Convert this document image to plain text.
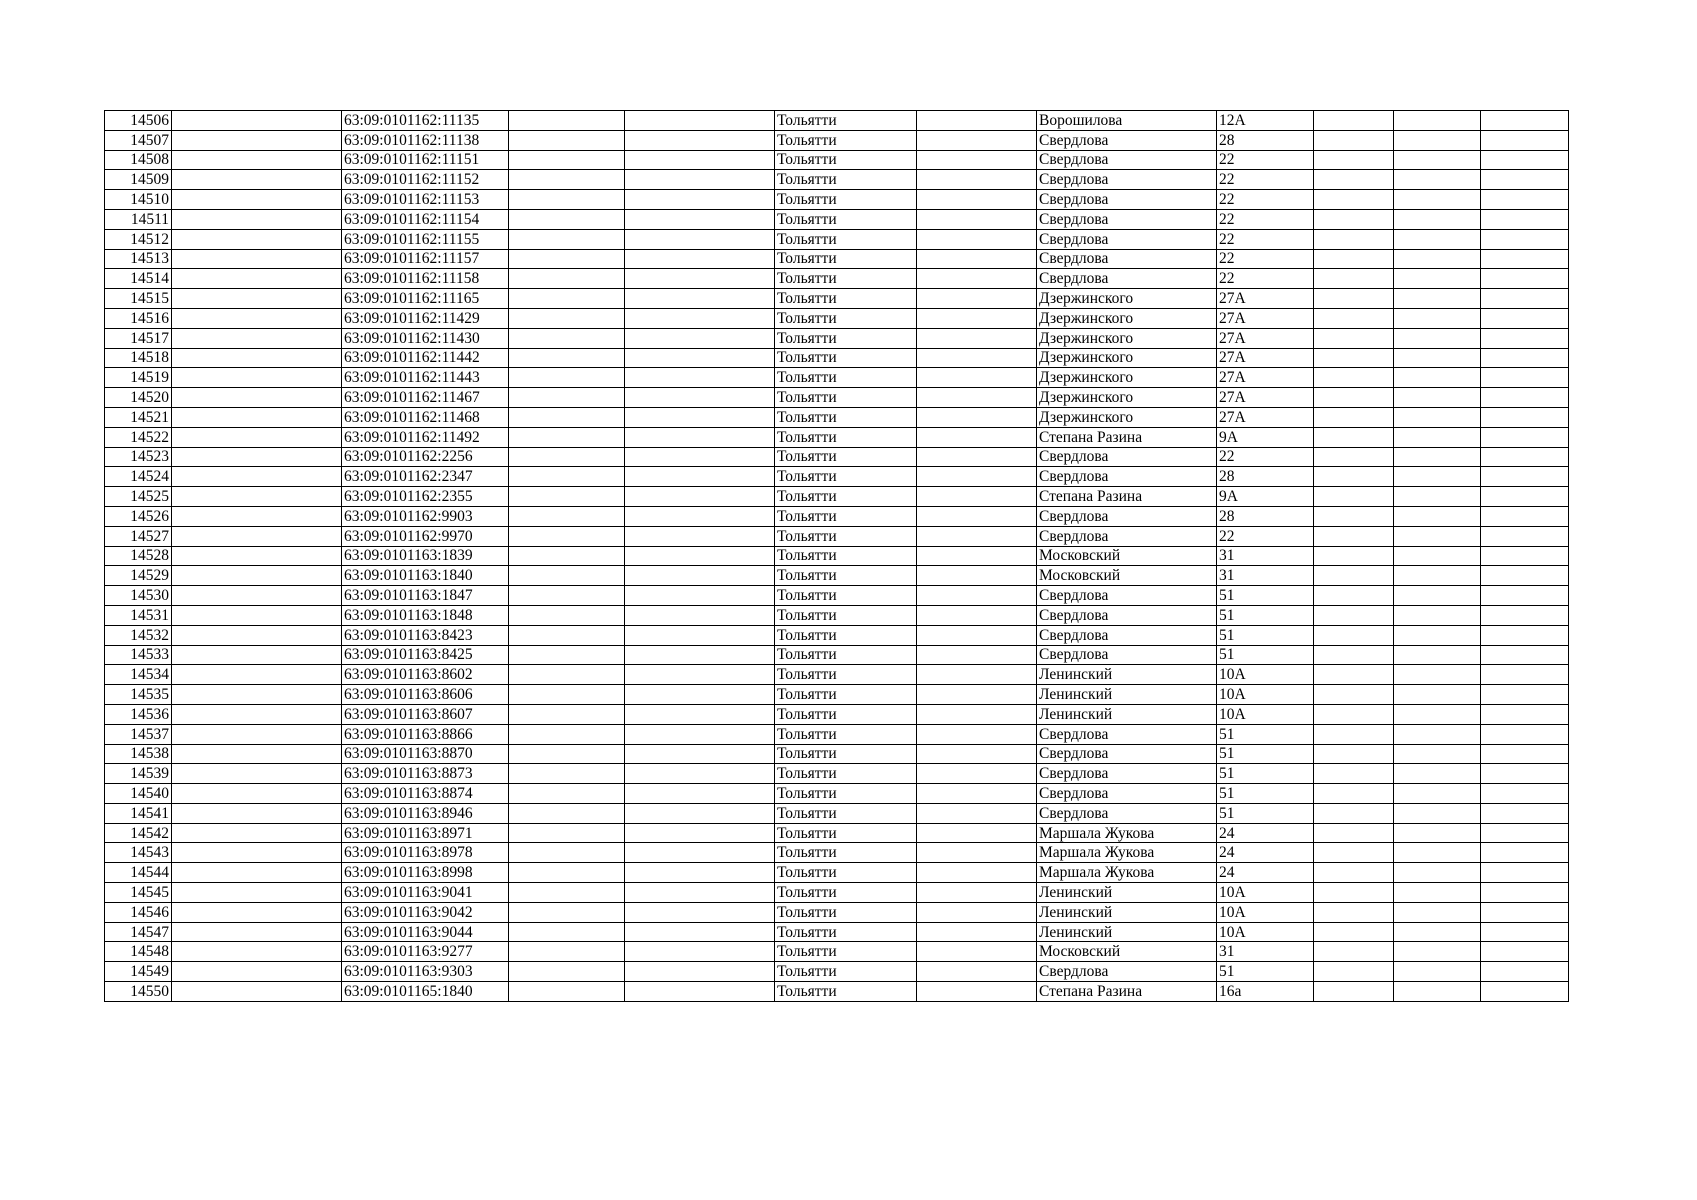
14506		63:09:0101162:11135			Тольятти		Ворошилова	12А			
14507		63:09:0101162:11138			Тольятти		Свердлова	28			
14508		63:09:0101162:11151			Тольятти		Свердлова	22			
14509		63:09:0101162:11152			Тольятти		Свердлова	22			
14510		63:09:0101162:11153			Тольятти		Свердлова	22			
14511		63:09:0101162:11154			Тольятти		Свердлова	22			
14512		63:09:0101162:11155			Тольятти		Свердлова	22			
14513		63:09:0101162:11157			Тольятти		Свердлова	22			
14514		63:09:0101162:11158			Тольятти		Свердлова	22			
14515		63:09:0101162:11165			Тольятти		Дзержинского	27А			
14516		63:09:0101162:11429			Тольятти		Дзержинского	27А			
14517		63:09:0101162:11430			Тольятти		Дзержинского	27А			
14518		63:09:0101162:11442			Тольятти		Дзержинского	27А			
14519		63:09:0101162:11443			Тольятти		Дзержинского	27А			
14520		63:09:0101162:11467			Тольятти		Дзержинского	27А			
14521		63:09:0101162:11468			Тольятти		Дзержинского	27А			
14522		63:09:0101162:11492			Тольятти		Степана Разина	9А			
14523		63:09:0101162:2256			Тольятти		Свердлова	22			
14524		63:09:0101162:2347			Тольятти		Свердлова	28			
14525		63:09:0101162:2355			Тольятти		Степана Разина	9А			
14526		63:09:0101162:9903			Тольятти		Свердлова	28			
14527		63:09:0101162:9970			Тольятти		Свердлова	22			
14528		63:09:0101163:1839			Тольятти		Московский	31			
14529		63:09:0101163:1840			Тольятти		Московский	31			
14530		63:09:0101163:1847			Тольятти		Свердлова	51			
14531		63:09:0101163:1848			Тольятти		Свердлова	51			
14532		63:09:0101163:8423			Тольятти		Свердлова	51			
14533		63:09:0101163:8425			Тольятти		Свердлова	51			
14534		63:09:0101163:8602			Тольятти		Ленинский	10А			
14535		63:09:0101163:8606			Тольятти		Ленинский	10А			
14536		63:09:0101163:8607			Тольятти		Ленинский	10А			
14537		63:09:0101163:8866			Тольятти		Свердлова	51			
14538		63:09:0101163:8870			Тольятти		Свердлова	51			
14539		63:09:0101163:8873			Тольятти		Свердлова	51			
14540		63:09:0101163:8874			Тольятти		Свердлова	51			
14541		63:09:0101163:8946			Тольятти		Свердлова	51			
14542		63:09:0101163:8971			Тольятти		Маршала Жукова	24			
14543		63:09:0101163:8978			Тольятти		Маршала Жукова	24			
14544		63:09:0101163:8998			Тольятти		Маршала Жукова	24			
14545		63:09:0101163:9041			Тольятти		Ленинский	10А			
14546		63:09:0101163:9042			Тольятти		Ленинский	10А			
14547		63:09:0101163:9044			Тольятти		Ленинский	10А			
14548		63:09:0101163:9277			Тольятти		Московский	31			
14549		63:09:0101163:9303			Тольятти		Свердлова	51			
14550		63:09:0101165:1840			Тольятти		Степана Разина	16а			
